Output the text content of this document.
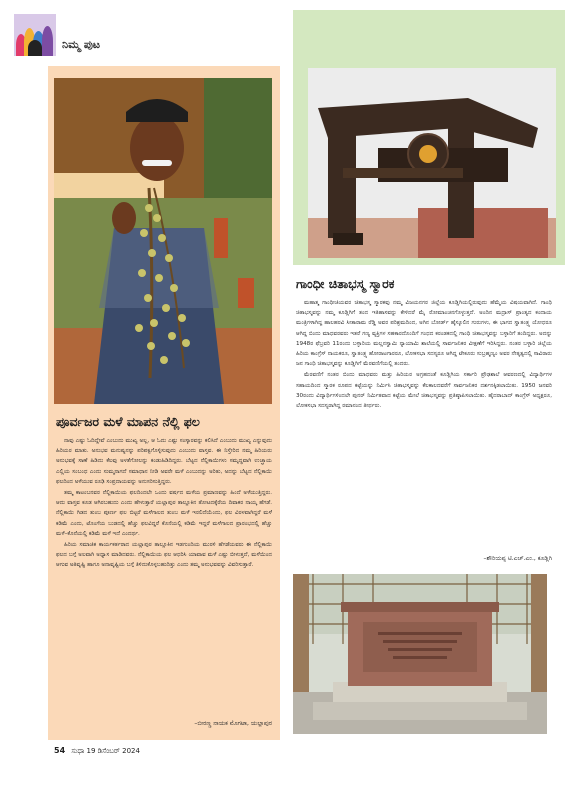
ನಿಮ್ಮ ಪುಟ
ಪೂರ್ವಜರ ಮಳೆ ಮಾಪನ ನೆಲ್ಲಿ ಫಲ

ನಾವು ಎಷ್ಟು ಓದಿದ್ದೇವೆ ಎಂಬುದು ಮುಖ್ಯ ಅಲ್ಲ, ಆ ಓದು ಎಷ್ಟು ಸಂಸ್ಕಾರವನ್ನು ಕಲಿಸಿದೆ ಎಂಬುದು ಮುಖ್ಯ ಎನ್ನುವುದು ಹಿರಿಯರ ಮಾತು. ಅನುಭವ ಮನುಷ್ಯನನ್ನು ಪರಿಪಕ್ವಗೊಳ್ಳಿಸುವುದು ಎಂಬುದು ವಾಸ್ತವ. ಈ ನಿಸ್ತೇರಿದ ನಮ್ಮ ಹಿರಿಯರು ಅನುಭವಕ್ಕೆ ಸಾಣೆ ಹಿಡಿದು ಕೆಲವು ಅಳತೆಗೋಲನ್ನು ಕಂಡುಹಿಡಿದಿದ್ದರು. ಬೆಟ್ಟದ ನೆಲ್ಲಿಕಾಯಿಗಳು ಸಮೃದ್ಧವಾಗಿ ಉಚ್ಛ್ರಾಯ ಎಲ್ಲಿಯ ಸಂಬಂಧ ಎಂದು ಸುಮ್ಮನಾಗದೆ ಸಮಾಧಾನ ನೀಡಿ ಅವರೇ ಮಳೆ ಎಂಬುದನ್ನು ಅರಿತು, ಅದನ್ನು ಬೆಟ್ಟದ ನೆಲ್ಲಿಕಾಯಿ ಫಲದಿಂದ ಅಳೆಯುವ ರೂಢಿ ಸಂಪ್ರದಾಯವನ್ನು ಅನುಸರಿಸುತ್ತಿದ್ದರು.

ತಮ್ಮ ಕಾಟಂಬನವರ ನೆಲ್ಲಿಕಾಯಿಯ ಫಲದಿಂದಲೇ ಒಂದು ವರ್ಷದ ಮಳೆಯ ಪ್ರಮಾಣವನ್ನು ಹಿಂದೆ ಅಳೆಯುತ್ತಿದ್ದರು. ಆದು ವಾಸ್ತವ ಕೂಡ ಆಗಿರಬಹುದು ಎಂದು ಹೇಳುತ್ತಾರೆ ಯಲ್ಲಾಪುರ ತಾಲ್ಲೂಕಿನ ತೋಟದಕ್ಕೆರೆಯ ದಿವಾಕರ ನಾಯ್ಕ ಹೆಗಡೆ. ನೆಲ್ಲಿಕಾಯಿ ಗಿಡದ ತುಂಬ ಪೂರ್ಣ ಫಲ ಬಿಟ್ಟರೆ ಮಳೆಗಾಲದ ತುಂಬ ಮಳೆ ಇರಲಿದೆಯೆಂದು, ಫಲ ವಿರಳವಾಗಿದ್ದರೆ ಮಳೆ ಕಡಿಮೆ ಎಂದು, ಟೊಂಗೆಯ ಬುಡದಲ್ಲಿ ಹೆಚ್ಚು ಫಲವಿದ್ದರೆ ಕೊನೆಯಲ್ಲಿ ಕಡಿಮೆ ಇದ್ದರೆ ಮಳೆಗಾಲದ ಪ್ರಾರಂಭದಲ್ಲಿ ಹೆಚ್ಚು ಮಳೆ–ಕೊನೆಯಲ್ಲಿ ಕಡಿಮೆ ಮಳೆ ಇದೆ ಎಂದರ್ಥ.

ಹಿರಿಯ ಸಮಾಜಿಕ ಕಾರ್ಯಕರ್ತರಾದ ಯಲ್ಲಾಪುರ ತಾಲ್ಲೂಕಿನ ಇಡಗುಂದಿಯ ಮುರಳಿ ಹೆಗಡೆಯವರು ಈ ನೆಲ್ಲಿಕಾಯಿ ಫಲದ ಬಗ್ಗೆ ಅಲವಾಗಿ ಅಧ್ಯಾಸ ಮಾಡಿದವರು. ನೆಲ್ಲಿಕಾಯಿಯ ಫಲ ಆಧರಿಸಿ ಯಾವಾವ ಮಳೆ ಎಷ್ಟು ಬೀಳುತ್ತದೆ, ಮಳೆಯಿಂದ ಆಗುವ ಅತಿವೃಷ್ಟಿ ಹಾಗೂ ಅನಾವೃಷ್ಟಿಯ ಬಗ್ಗೆ ತಿಳಿದುಕೊಳ್ಳಬಹುದಿತ್ತು ಎಂದು ತಮ್ಮ ಅನುಭವವನ್ನು ವಿವರಿಸುತ್ತಾರೆ.

–ಬೀರಣ್ಣ ನಾಯಕ ಮೊಗಟಾ, ಯಲ್ಲಾಪುರ
ಗಾಂಧೀ ಚಿತಾಭಸ್ಮ ಸ್ಮಾರಕ

ಮಹಾತ್ಮ ಗಾಂಧೀಜಿಯವರ ಚಿತಾಭಸ್ಮ ಸ್ಮಾರಕವು ನಮ್ಮ ವಿಜಯನಗರ ಜಿಲ್ಲೆಯ ಕೂಡ್ಲಿಗಿಯಲ್ಲಿರುವುದು ಹೆಮ್ಮೆಯ ವಿಷಯವಾಗಿದೆ. ಗಾಂಧಿ ಚಿತಾಭಸ್ಮವನ್ನು ನಮ್ಮ ಕೂಡ್ಲಿಗಿಗೆ ತಂದ ಇತಿಹಾಸವನ್ನು ಕೇಳಿದರೆ ಮೈ ರೋಮಾಂಚನಗೊಳ್ಳುತ್ತದೆ. ಅಂದಿನ ಮದ್ರಾಸ್ ಪ್ರಾಂತ್ಯದ ಕಂದಾಯ ಮಂತ್ರಿಗಳಾಗಿದ್ದ ಹಾಲಹರವಿ ಸೀತಾರಾಮ ರೆಡ್ಡಿ ಅವರ ಪರಿಶ್ರಮದಿಂದ, ಅಗಿನ ಬೋರ್ಡ್ ಹೈಸ್ಕೂಲಿನ ಗುರುಗಳು, ಈ ಭಾಗದ ಸ್ವಾತಂತ್ರ್ಯ ಯೋಧರೂ ಆಗಿದ್ದ ಬಿಂದು ಮಾಧವರವರು ಇತರೆ ಗಣ್ಯ ವ್ಯಕ್ತಿಗಳ ಸಹಕಾರದೊಂದಿಗೆ ಗಂಧದ ಕರಂಡಕದಲ್ಲಿ ಗಾಂಧಿ ಚಿತಾಭಸ್ಮವನ್ನು ಬಳ್ಳಾರಿಗೆ ತಂದಿದ್ದರು. ಅದನ್ನು 1948ರ ಫೆಬ್ರವರಿ 11ರಂದು ಬಳ್ಳಾರಿಯ ಮಲ್ಲನಸ್ವಾಮಿ ನ್ಯಾಯಾಮಿ ಶಾಲೆಯಲ್ಲಿ ಸಾರ್ವಜನಿಕರ ವೀಕ್ಷಣೆಗೆ ಇರಿಸಿದ್ದರು. ನಂತರ ಬಳ್ಳಾರಿ ಜಿಲ್ಲೆಯ ಹಿರಿಯ ಕಾಂಗ್ರೆಸ್ ನಾಯಕರೂ, ಸ್ವಾತಂತ್ರ್ಯ ಹೋರಾಟಗಾರರೂ, ಲೋಕಸಭಾ ಸದಸ್ಯರೂ ಆಗಿದ್ದ ಟೇಕೂರು ಸುಬ್ರಹ್ಮಣ್ಯಂ ಅವರ ನೇತೃತ್ವದಲ್ಲಿ ಸಾವಿರಾರು ಜನ ಗಾಂಧಿ ಚಿತಾಭಸ್ಮವನ್ನು ಕೂಡ್ಲಿಗಿಗೆ ಮೆರವಣಿಗೆಯಲ್ಲಿ ತಂದರು.

ಮೆರವಣಿಗೆ ನಂತರ ಬಿಂದು ಮಾಧವರು ಮತ್ತು ಹಿರಿಯರ ಅಗ್ರಹದಂತೆ ಕೂಡ್ಲಿಗಿಯ ಸರ್ಕಾರಿ ಪ್ರೌಢಶಾಲೆ ಆವರಣದಲ್ಲಿ ವಿದ್ಯಾರ್ಥಿಗಳ ಸಹಾಯದಿಂದ ಸ್ಮಾರಕ ರೂಪದ ಕಟ್ಟೆಯನ್ನು ನಿರ್ಮಿಸಿ ಚಿತಾಭಸ್ಮವನ್ನು ಕೆಲಕಾಲದವರೆಗೆ ಸಾರ್ವಜನಿಕರ ದರ್ಶನಕ್ಕಿಡಲಾಯಿತು. 1950 ಜನವರಿ 30ರಂದು ವಿದ್ಯಾರ್ಥಿಗಳಿಂದಲೇ ಪುನರ್ ನಿರ್ಮಿತವಾದ ಕಟ್ಟೆಯ ಮೇಲೆ ಚಿತಾಭಸ್ಮವನ್ನು ಪ್ರತಿಷ್ಠಾಪಿಸಲಾಯಿತು. ಹೈದರಾಬಾದ್ ಕಾಂಗ್ರೆಸ್ ಅಧ್ಯಕ್ಷರೂ, ಲೋಕಸಭಾ ಸದಸ್ಯರಾಗಿದ್ದ ರಮಾನಂದ ತೀರ್ಥರು.

–ಶೌರಿಯಪ್ಪ ಟಿ.ಎಚ್.ಎಂ., ಕೂಡ್ಲಿಗಿ
54 ಸುಧಾ 19 ಡಿಸೆಂಬರ್ 2024
